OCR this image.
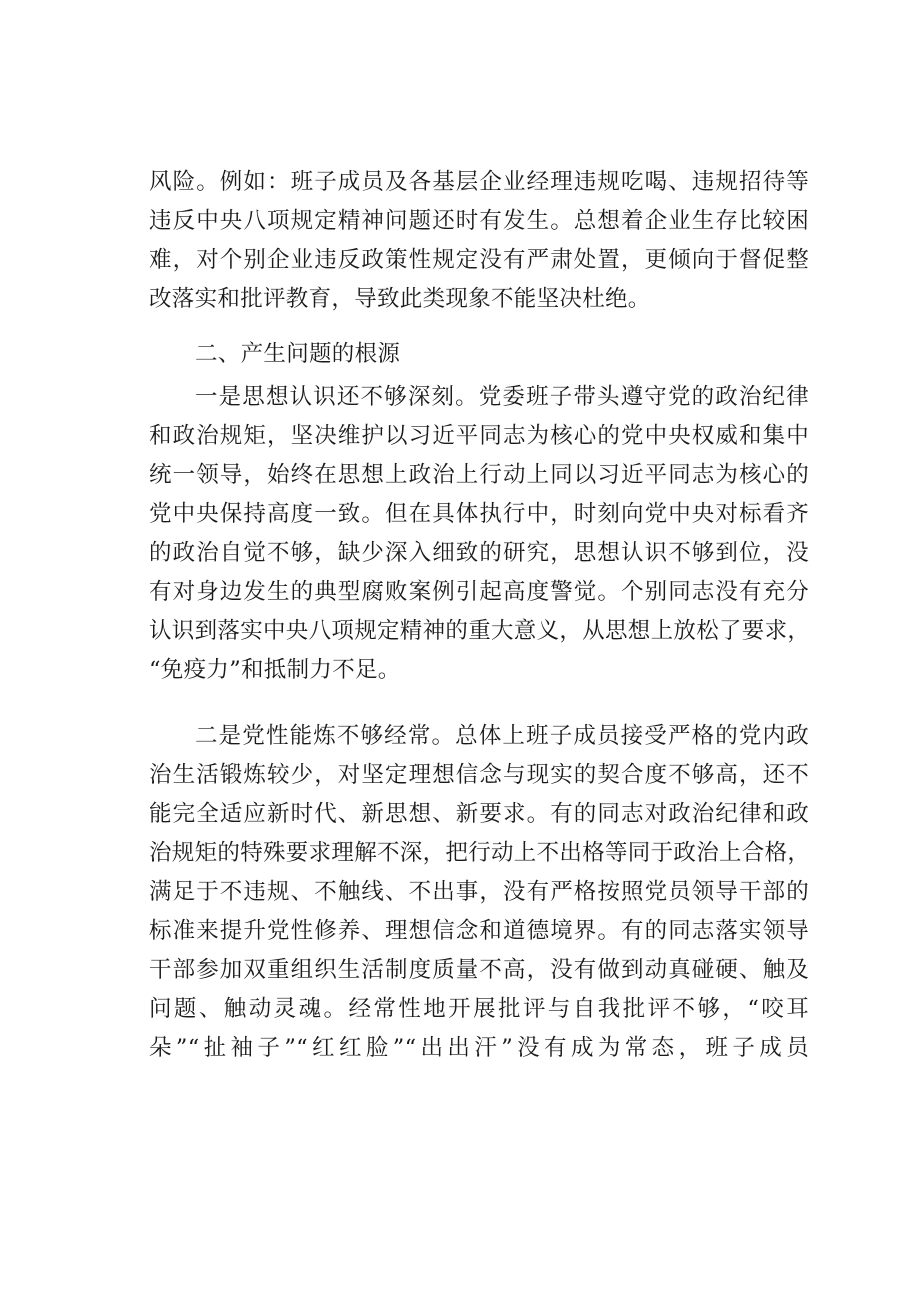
风险。例如：班子成员及各基层企业经理违规吃喝、违规招待等
违反中央八项规定精神问题还时有发生。总想着企业生存比较困
难，对个别企业违反政策性规定没有严肃处置，更倾向于督促整
改落实和批评教育，导致此类现象不能坚决杜绝。
二、产生问题的根源
一是思想认识还不够深刻。党委班子带头遵守党的政治纪律
和政治规矩，坚决维护以习近平同志为核心的党中央权威和集中
统一领导，始终在思想上政治上行动上同以习近平同志为核心的
党中央保持高度一致。但在具体执行中，时刻向党中央对标看齐
的政治自觉不够，缺少深入细致的研究，思想认识不够到位，没
有对身边发生的典型腐败案例引起高度警觉。个别同志没有充分
认识到落实中央八项规定精神的重大意义，从思想上放松了要求，
“免疫力”和抵制力不足。
二是党性能炼不够经常。总体上班子成员接受严格的党内政
治生活锻炼较少，对坚定理想信念与现实的契合度不够高，还不
能完全适应新时代、新思想、新要求。有的同志对政治纪律和政
治规矩的特殊要求理解不深，把行动上不出格等同于政治上合格，
满足于不违规、不触线、不出事，没有严格按照党员领导干部的
标准来提升党性修养、理想信念和道德境界。有的同志落实领导
干部参加双重组织生活制度质量不高，没有做到动真碰硬、触及
问题、触动灵魂。经常性地开展批评与自我批评不够，“咬耳
朵”“扯袖子”“红红脸”“出出汗”没有成为常态，班子成员
